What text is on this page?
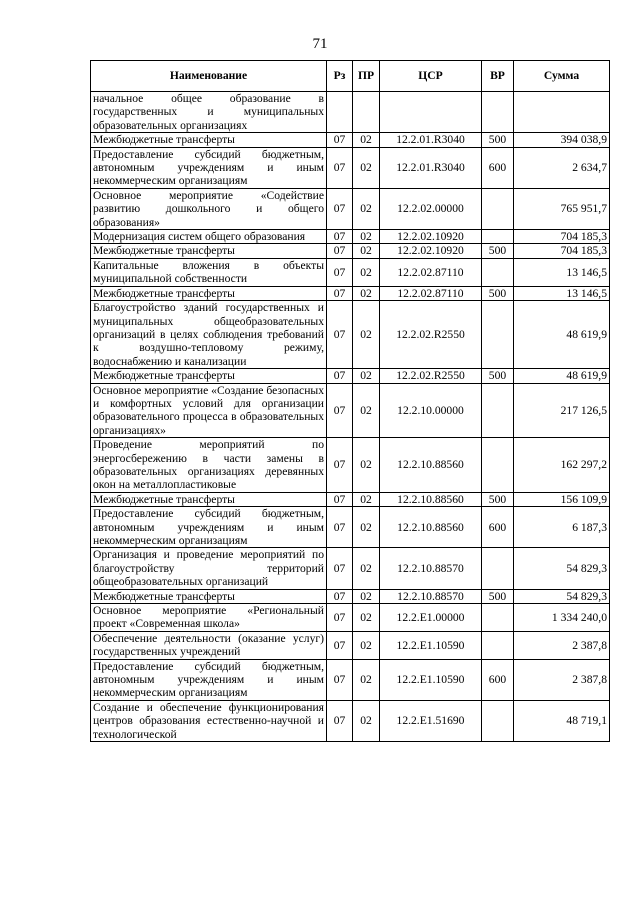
71
Наименование	Рз	ПР	ЦСР	ВР	Сумма
начальное общее образование в государственных и муниципальных образовательных организациях					
Межбюджетные трансферты	07	02	12.2.01.R3040	500	394 038,9
Предоставление субсидий бюджетным, автономным учреждениям и иным некоммерческим организациям	07	02	12.2.01.R3040	600	2 634,7
Основное мероприятие «Содействие развитию дошкольного и общего образования»	07	02	12.2.02.00000		765 951,7
Модернизация систем общего образования	07	02	12.2.02.10920		704 185,3
Межбюджетные трансферты	07	02	12.2.02.10920	500	704 185,3
Капитальные вложения в объекты муниципальной собственности	07	02	12.2.02.87110		13 146,5
Межбюджетные трансферты	07	02	12.2.02.87110	500	13 146,5
Благоустройство зданий государственных и муниципальных общеобразовательных организаций в целях соблюдения требований к воздушно-тепловому режиму, водоснабжению и канализации	07	02	12.2.02.R2550		48 619,9
Межбюджетные трансферты	07	02	12.2.02.R2550	500	48 619,9
Основное мероприятие «Создание безопасных и комфортных условий для организации образовательного процесса в образовательных организациях»	07	02	12.2.10.00000		217 126,5
Проведение мероприятий по энергосбережению в части замены в образовательных организациях деревянных окон на металлопластиковые	07	02	12.2.10.88560		162 297,2
Межбюджетные трансферты	07	02	12.2.10.88560	500	156 109,9
Предоставление субсидий бюджетным, автономным учреждениям и иным некоммерческим организациям	07	02	12.2.10.88560	600	6 187,3
Организация и проведение мероприятий по благоустройству территорий общеобразовательных организаций	07	02	12.2.10.88570		54 829,3
Межбюджетные трансферты	07	02	12.2.10.88570	500	54 829,3
Основное мероприятие «Региональный проект «Современная школа»	07	02	12.2.E1.00000		1 334 240,0
Обеспечение деятельности (оказание услуг) государственных учреждений	07	02	12.2.E1.10590		2 387,8
Предоставление субсидий бюджетным, автономным учреждениям и иным некоммерческим организациям	07	02	12.2.E1.10590	600	2 387,8
Создание и обеспечение функционирования центров образования естественно-научной и технологической	07	02	12.2.E1.51690		48 719,1
